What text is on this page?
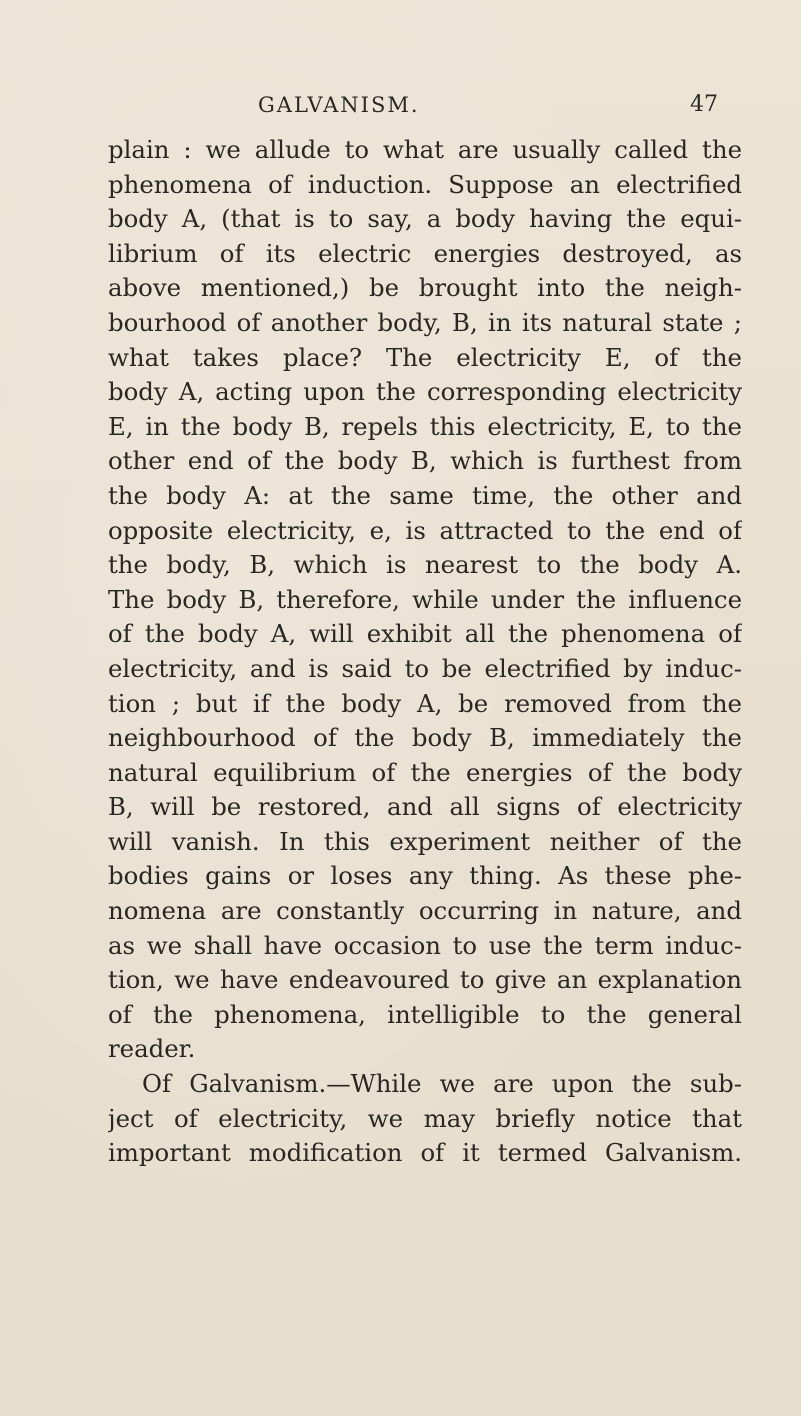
GALVANISM.	47
plain : we allude to what are usually called the
phenomena of induction. Suppose an electrified
body A, (that is to say, a body having the equi-
librium of its electric energies destroyed, as
above mentioned,) be brought into the neigh-
bourhood of another body, B, in its natural state ;
what takes place? The electricity E, of the
body A, acting upon the corresponding electricity
E, in the body B, repels this electricity, E, to the
other end of the body B, which is furthest from
the body A: at the same time, the other and
opposite electricity, e, is attracted to the end of
the body, B, which is nearest to the body A.
The body B, therefore, while under the influence
of the body A, will exhibit all the phenomena of
electricity, and is said to be electrified by induc-
tion ; but if the body A, be removed from the
neighbourhood of the body B, immediately the
natural equilibrium of the energies of the body
B, will be restored, and all signs of electricity
will vanish. In this experiment neither of the
bodies gains or loses any thing. As these phe-
nomena are constantly occurring in nature, and
as we shall have occasion to use the term induc-
tion, we have endeavoured to give an explanation
of the phenomena, intelligible to the general
reader.
Of Galvanism.—While we are upon the sub-
ject of electricity, we may briefly notice that
important modification of it termed Galvanism.
